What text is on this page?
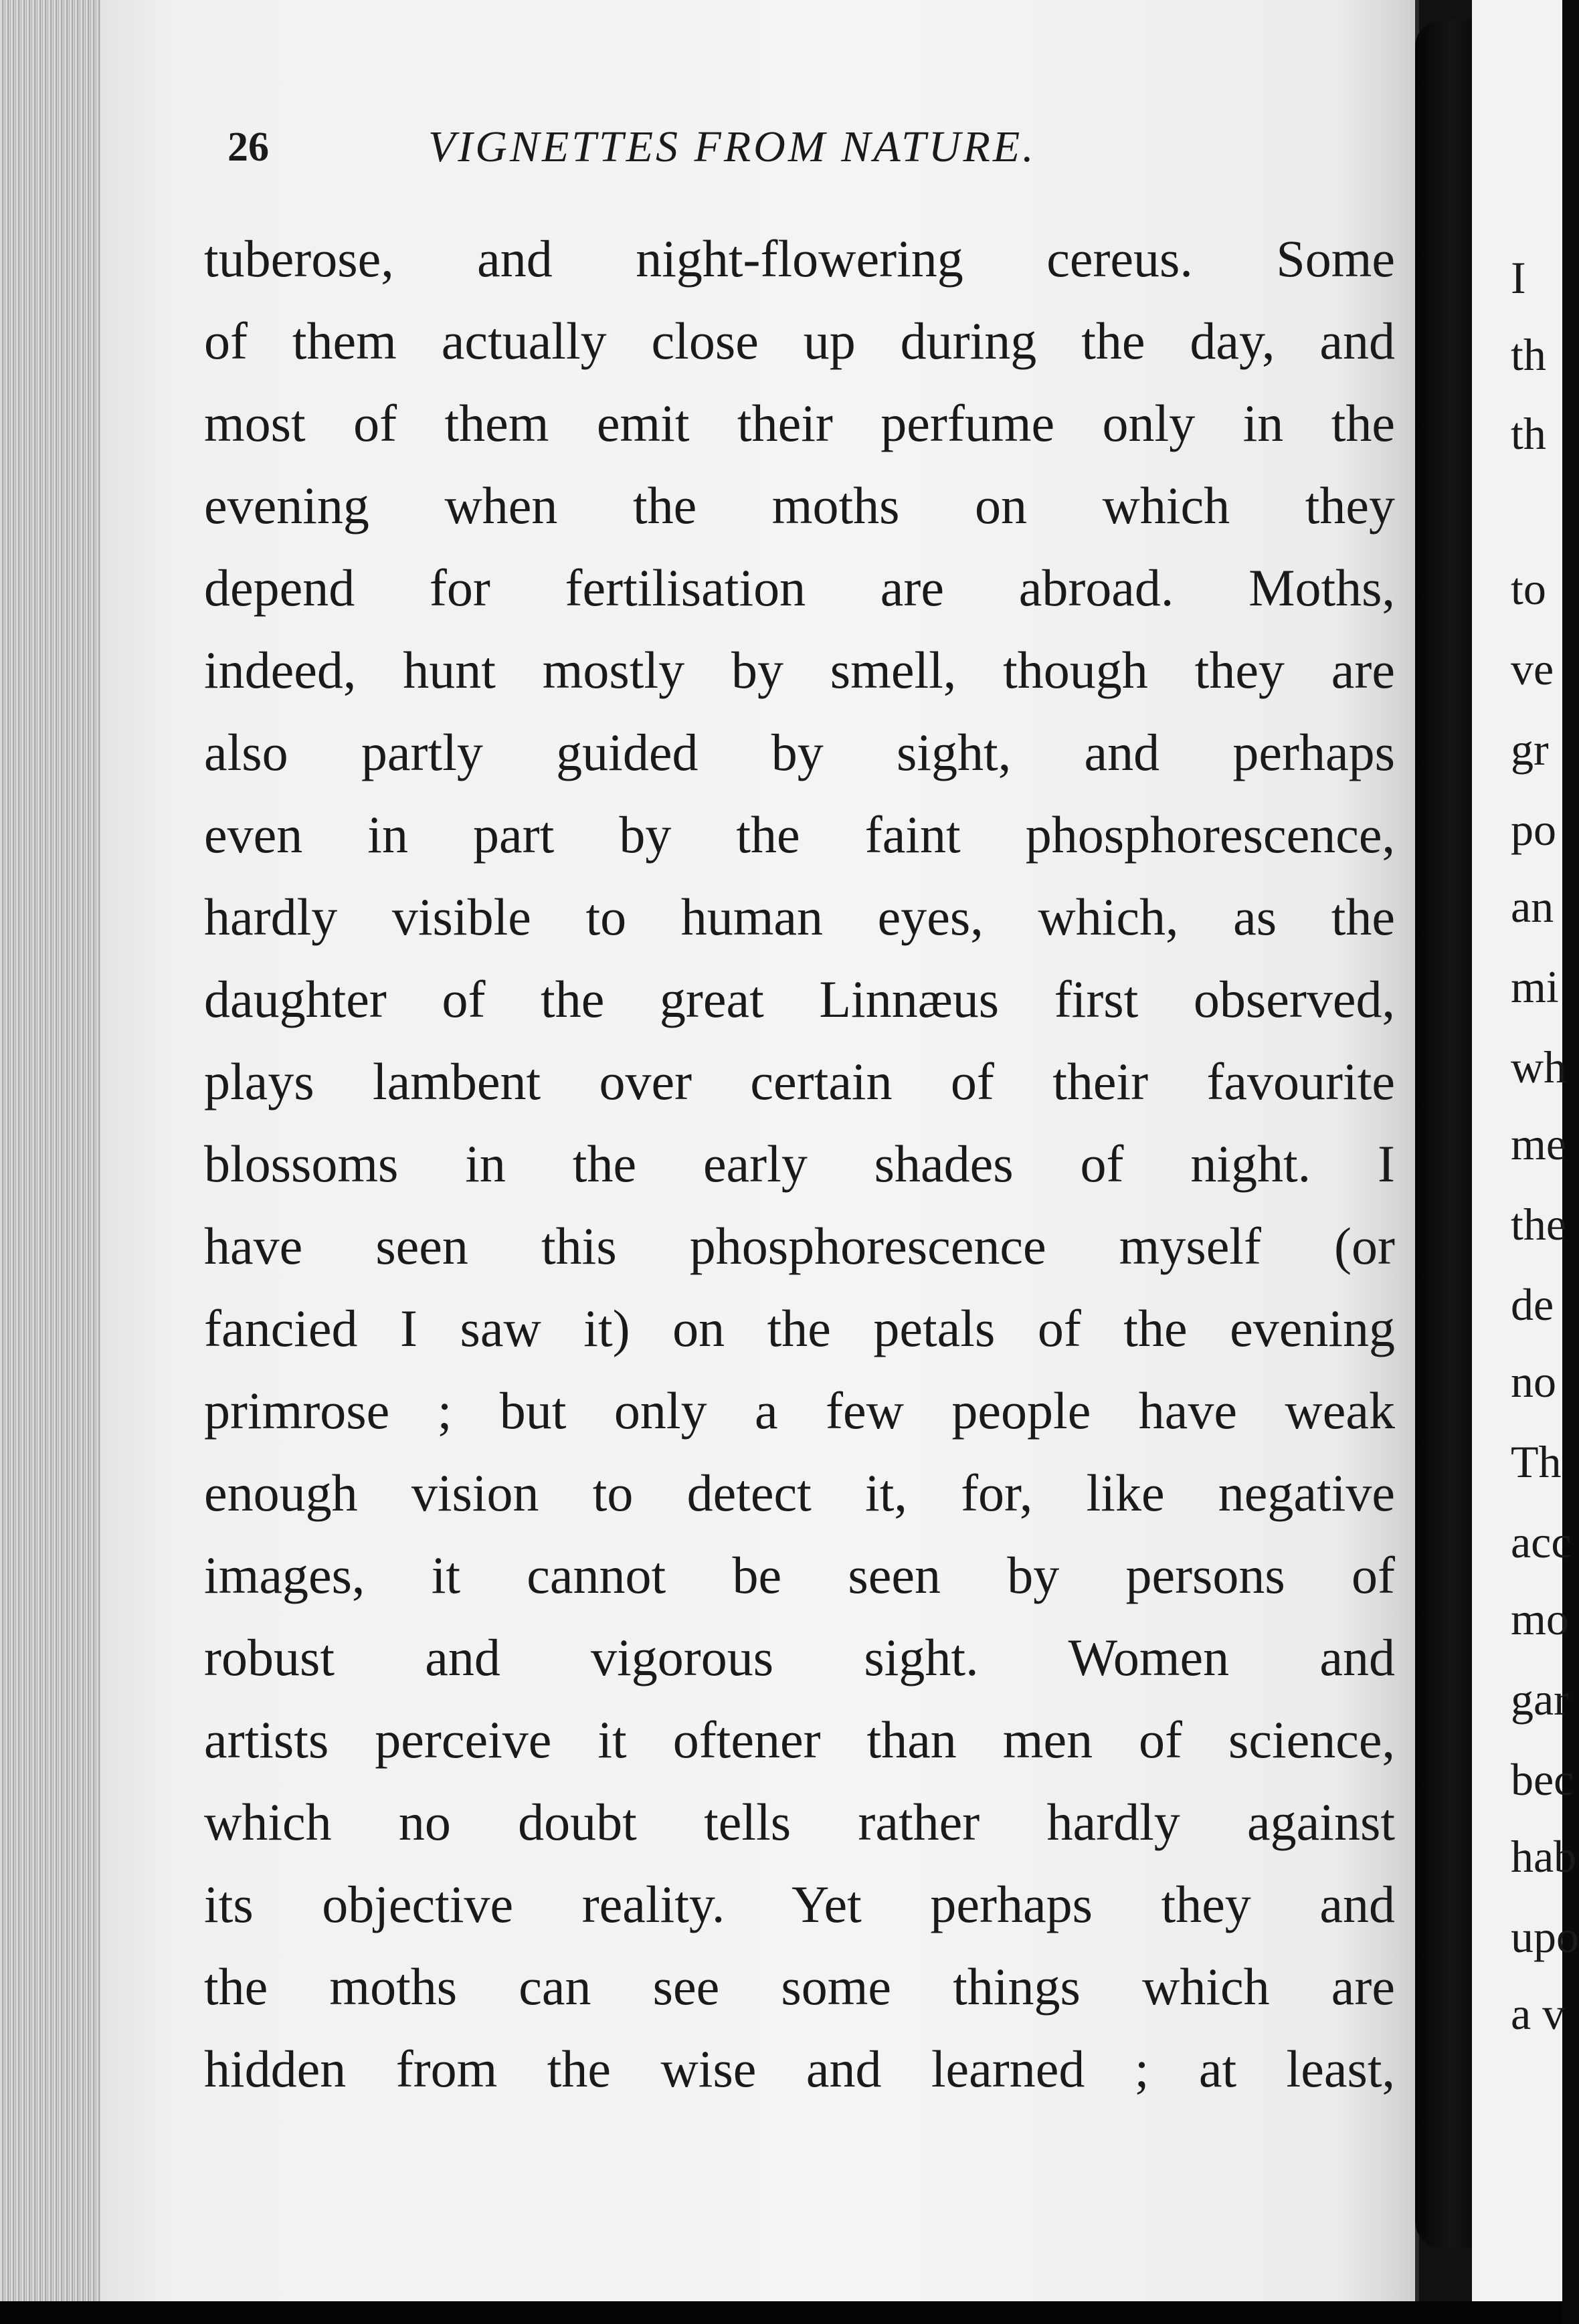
26	VIGNETTES FROM NATURE.
tuberose, and night-flowering cereus. Some
of them actually close up during the day, and
most of them emit their perfume only in the
evening when the moths on which they
depend for fertilisation are abroad. Moths,
indeed, hunt mostly by smell, though they are
also partly guided by sight, and perhaps
even in part by the faint phosphorescence,
hardly visible to human eyes, which, as the
daughter of the great Linnæus first observed,
plays lambent over certain of their favourite
blossoms in the early shades of night. I
have seen this phosphorescence myself (or
fancied I saw it) on the petals of the evening
primrose ; but only a few people have weak
enough vision to detect it, for, like negative
images, it cannot be seen by persons of
robust and vigorous sight. Women and
artists perceive it oftener than men of science,
which no doubt tells rather hardly against
its objective reality. Yet perhaps they and
the moths can see some things which are
hidden from the wise and learned ; at least,
I
th
th
to
ve
gr
po
an
mi
wh
me
the
de
no
Th
acc
mo
gar
bec
hab
upo
a v
